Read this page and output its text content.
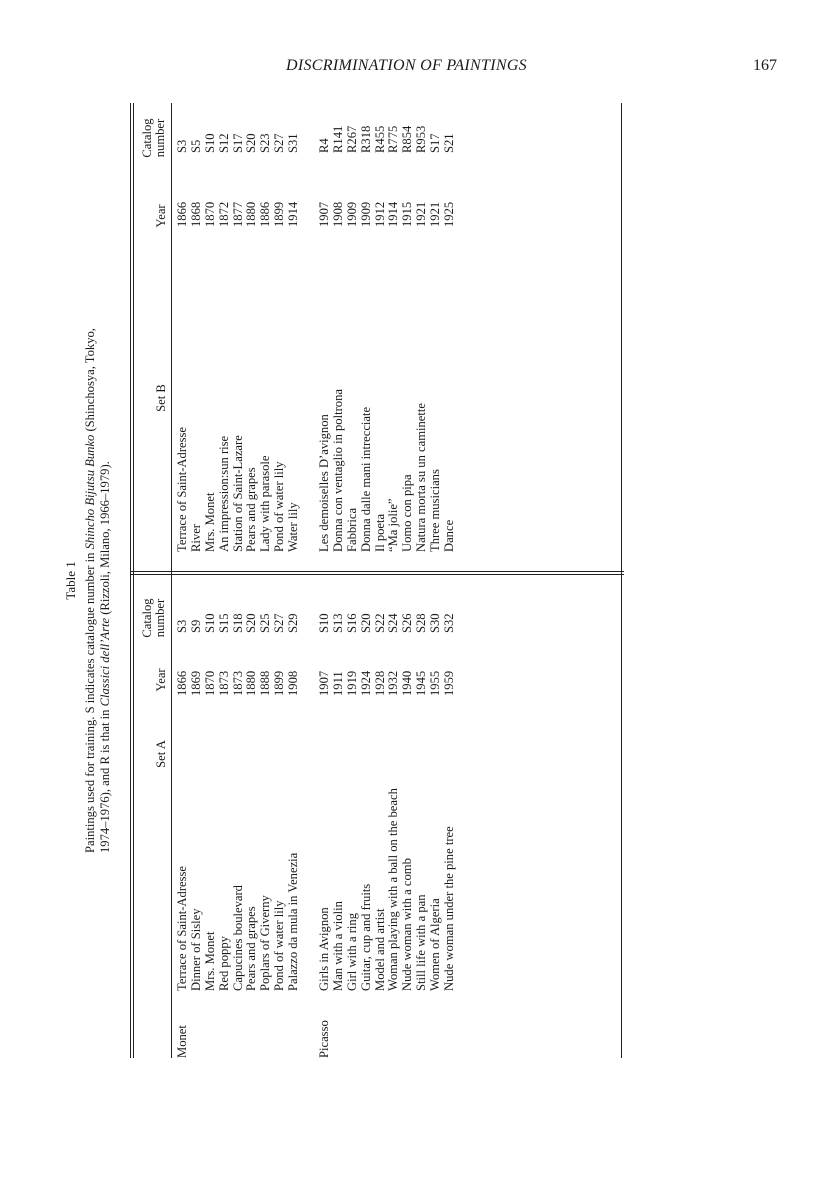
DISCRIMINATION OF PAINTINGS	167
Table 1 Paintings used for training. S indicates catalogue number in Shincho Bijutsu Bunko (Shinchosya, Tokyo, 1974–1976), and R is that in Classici dell’Arte (Rizzoli, Milano, 1966–1979).
Set A
Year
Catalog
number
Set B
Year
Catalog
number
Monet	Picasso
Terrace of Saint-Adresse Dinner of Sisley Mrs. Monet Red poppy Capucines boulevard Pears and grapes Poplars of Giverny Pond of water lily Palazzo da mula in Venezia
1866 1869 1870 1873 1873 1880 1888 1899 1908
S3 S9 S10 S15 S18 S20 S25 S27 S29
Terrace of Saint-Adresse River Mrs. Monet An impression:sun rise Station of Saint-Lazare Pears and grapes Lady with parasole Pond of water lily Water lily
1866 1868 1870 1872 1877 1880 1886 1899 1914
S3 S5 S10 S12 S17 S20 S23 S27 S31
Girls in Avignon Man with a violin Girl with a ring Guitar, cup and fruits Model and artist Woman playing with a ball on the beach Nude woman with a comb Still life with a pan Women of Algeria Nude woman under the pine tree
1907 1911 1919 1924 1928 1932 1940 1945 1955 1959
S10 S13 S16 S20 S22 S24 S26 S28 S30 S32
Les demoiselles D’avignon Donna con ventaglio in poltrona Fabbrica Donna dalle mani intrecciate Il poeta “Ma jolie” Uomo con pipa Natura morta su un caminette Three musicians Dance
1907 1908 1909 1909 1912 1914 1915 1921 1921 1925
R4 R141 R267 R318 R455 R775 R854 R953 S17 S21
